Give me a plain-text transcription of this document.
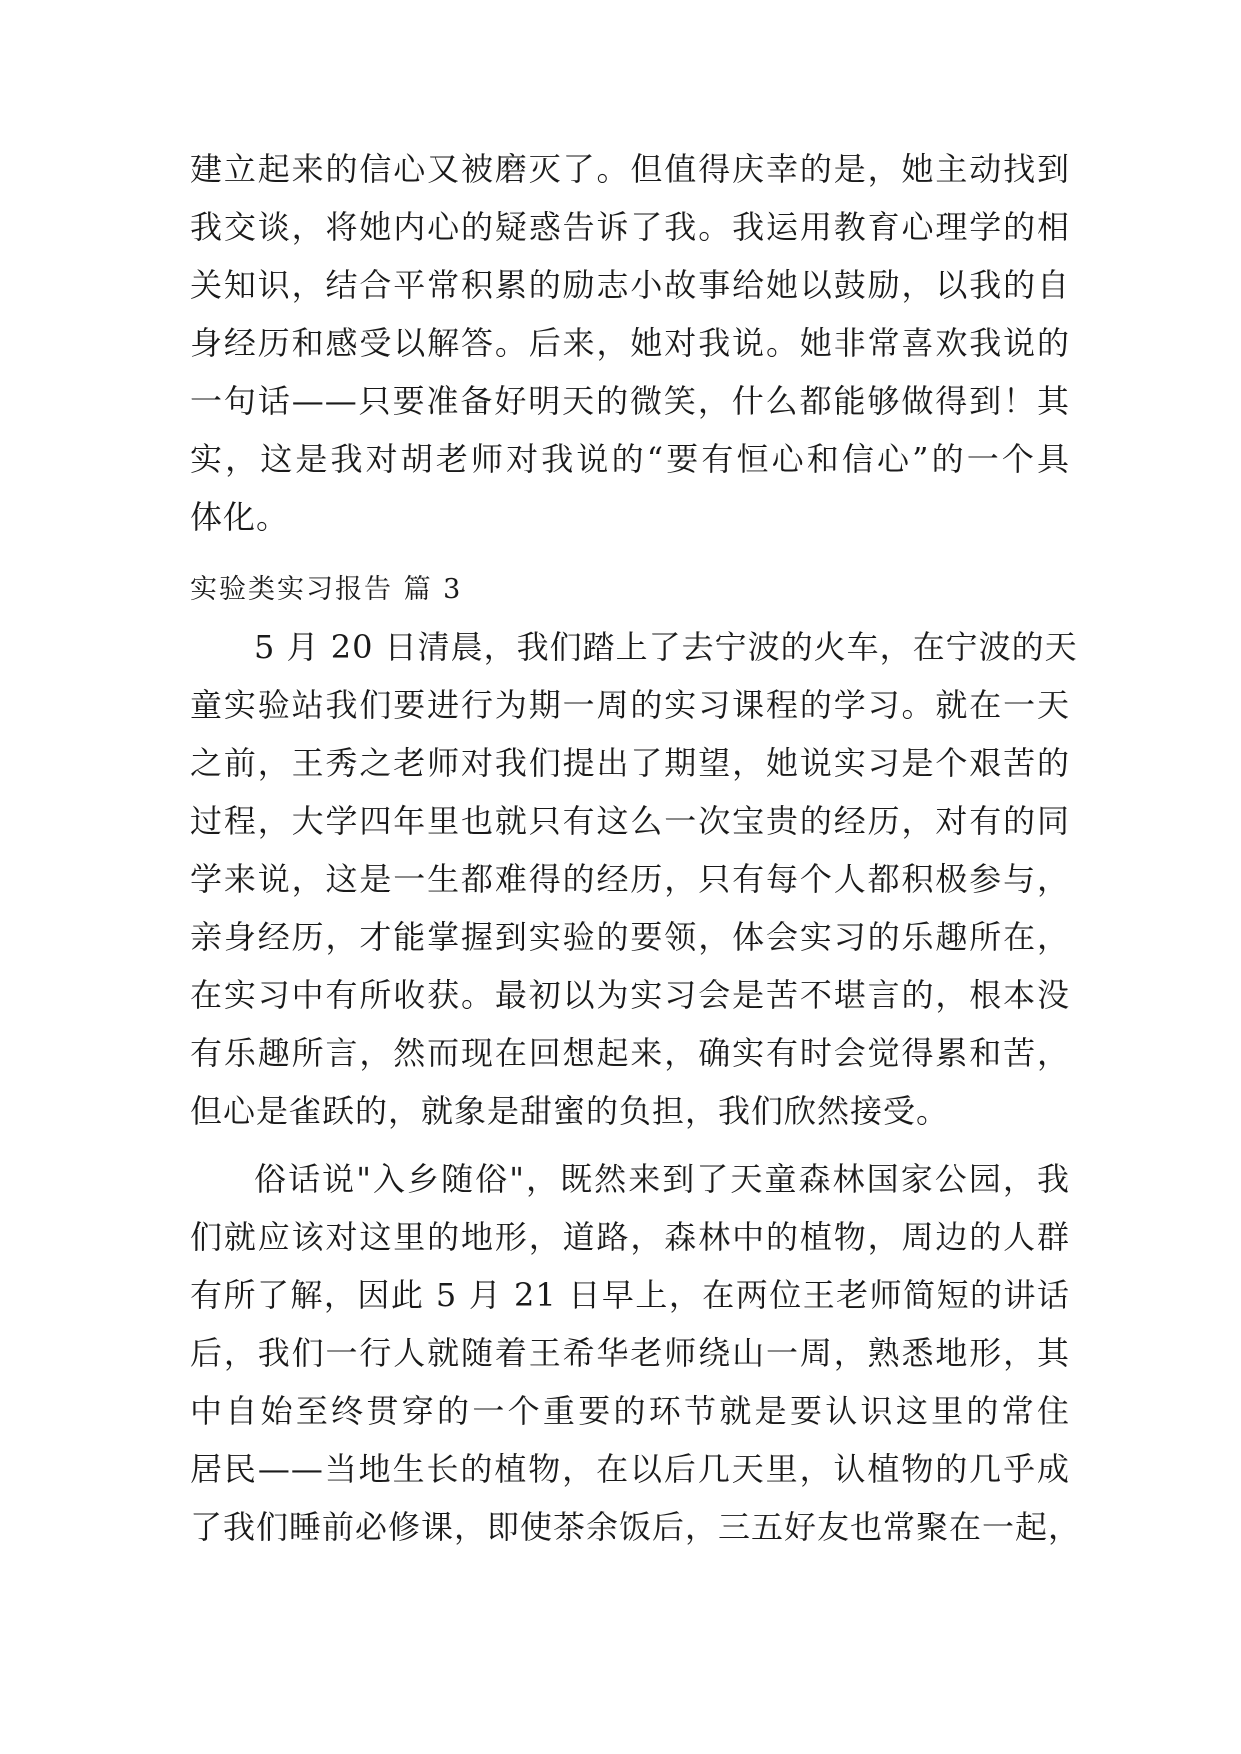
建立起来的信心又被磨灭了。但值得庆幸的是，她主动找到
我交谈，将她内心的疑惑告诉了我。我运用教育心理学的相
关知识，结合平常积累的励志小故事给她以鼓励，以我的自
身经历和感受以解答。后来，她对我说。她非常喜欢我说的
一句话——只要准备好明天的微笑，什么都能够做得到！其
实，这是我对胡老师对我说的“要有恒心和信心”的一个具
体化。
实验类实习报告 篇 3
5 月 20 日清晨，我们踏上了去宁波的火车，在宁波的天
童实验站我们要进行为期一周的实习课程的学习。就在一天
之前，王秀之老师对我们提出了期望，她说实习是个艰苦的
过程，大学四年里也就只有这么一次宝贵的经历，对有的同
学来说，这是一生都难得的经历，只有每个人都积极参与，
亲身经历，才能掌握到实验的要领，体会实习的乐趣所在，
在实习中有所收获。最初以为实习会是苦不堪言的，根本没
有乐趣所言，然而现在回想起来，确实有时会觉得累和苦，
但心是雀跃的，就象是甜蜜的负担，我们欣然接受。
俗话说"入乡随俗"，既然来到了天童森林国家公园，我
们就应该对这里的地形，道路，森林中的植物，周边的人群
有所了解，因此 5 月 21 日早上，在两位王老师简短的讲话
后，我们一行人就随着王希华老师绕山一周，熟悉地形，其
中自始至终贯穿的一个重要的环节就是要认识这里的常住
居民——当地生长的植物，在以后几天里，认植物的几乎成
了我们睡前必修课，即使茶余饭后，三五好友也常聚在一起，
